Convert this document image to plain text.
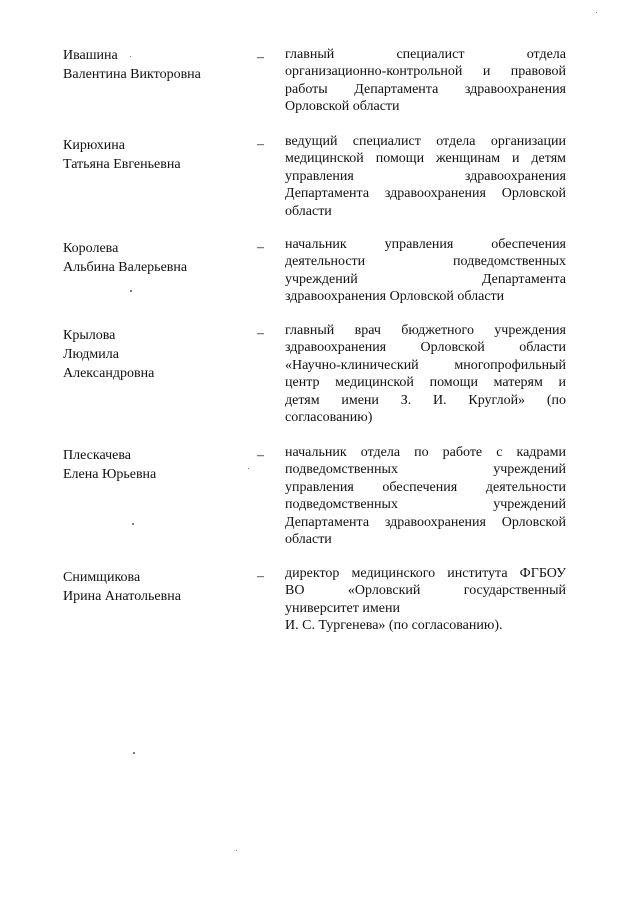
Ивашина
Валентина Викторовна
– главный специалист отдела
организационно-контрольной и правовой
работы Департамента здравоохранения
Орловской области
Кирюхина
Татьяна Евгеньевна
– ведущий специалист отдела организации
медицинской помощи женщинам и детям
управления здравоохранения
Департамента здравоохранения Орловской
области
Королева
Альбина Валерьевна
– начальник управления обеспечения
деятельности подведомственных
учреждений Департамента
здравоохранения Орловской области
Крылова
Людмила
Александровна
– главный врач бюджетного учреждения
здравоохранения Орловской области
«Научно-клинический многопрофильный
центр медицинской помощи матерям и
детям имени З. И. Круглой» (по
согласованию)
Плескачева
Елена Юрьевна
– начальник отдела по работе с кадрами
подведомственных учреждений
управления обеспечения деятельности
подведомственных учреждений
Департамента здравоохранения Орловской
области
Снимщикова
Ирина Анатольевна
– директор медицинского института ФГБОУ
ВО «Орловский государственный
университет имени
И. С. Тургенева» (по согласованию).
